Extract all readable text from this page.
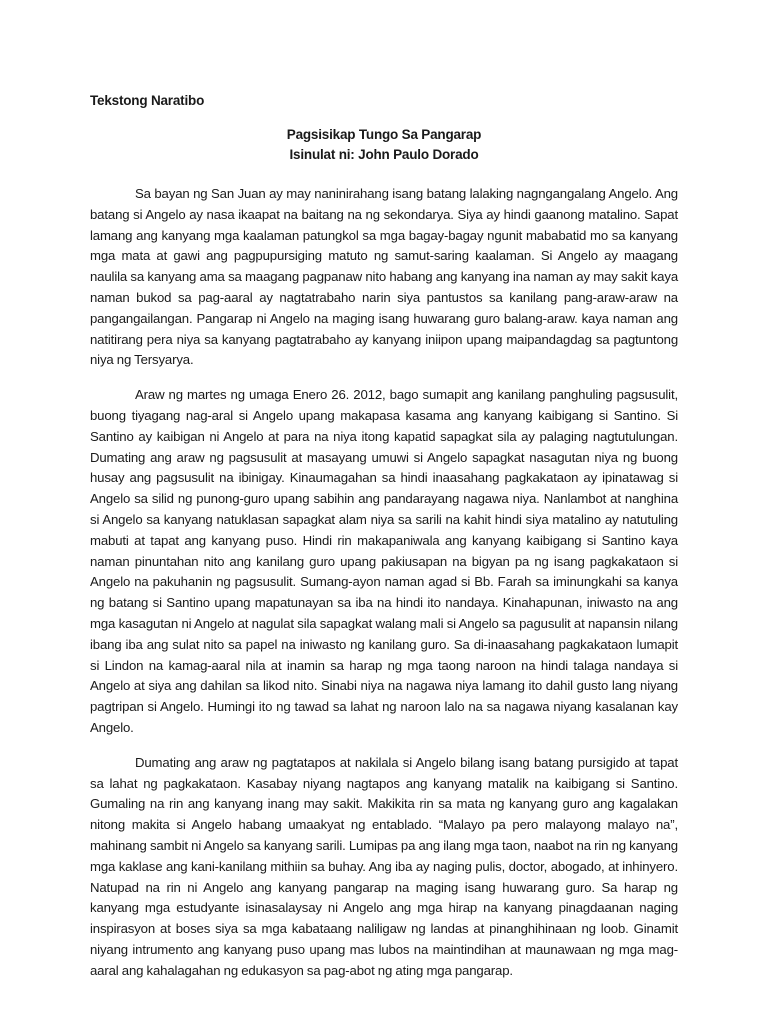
Tekstong Naratibo

Pagsisikap Tungo Sa Pangarap
Isinulat ni: John Paulo Dorado

Sa bayan ng San Juan ay may naninirahang isang batang lalaking nagngangalang Angelo. Ang batang si Angelo ay nasa ikaapat na baitang na ng sekondarya. Siya ay hindi gaanong matalino. Sapat lamang ang kanyang mga kaalaman patungkol sa mga bagay-bagay ngunit mababatid mo sa kanyang mga mata at gawi ang pagpupursiging matuto ng samut-saring kaalaman. Si Angelo ay maagang naulila sa kanyang ama sa maagang pagpanaw nito habang ang kanyang ina naman ay may sakit kaya naman bukod sa pag-aaral ay nagtatrabaho narin siya pantustos sa kanilang pang-araw-araw na pangangailangan. Pangarap ni Angelo na maging isang huwarang guro balang-araw. kaya naman ang natitirang pera niya sa kanyang pagtatrabaho ay kanyang iniipon upang maipandagdag sa pagtuntong niya ng Tersyarya.

Araw ng martes ng umaga Enero 26. 2012, bago sumapit ang kanilang panghuling pagsusulit, buong tiyagang nag-aral si Angelo upang makapasa kasama ang kanyang kaibigang si Santino. Si Santino ay kaibigan ni Angelo at para na niya itong kapatid sapagkat sila ay palaging nagtutulungan. Dumating ang araw ng pagsusulit at masayang umuwi si Angelo sapagkat nasagutan niya ng buong husay ang pagsusulit na ibinigay. Kinaumagahan sa hindi inaasahang pagkakataon ay ipinatawag si Angelo sa silid ng punong-guro upang sabihin ang pandarayang nagawa niya. Nanlambot at nanghina si Angelo sa kanyang natuklasan sapagkat alam niya sa sarili na kahit hindi siya matalino ay natutuling mabuti at tapat ang kanyang puso. Hindi rin makapaniwala ang kanyang kaibigang si Santino kaya naman pinuntahan nito ang kanilang guro upang pakiusapan na bigyan pa ng isang pagkakataon si Angelo na pakuhanin ng pagsusulit. Sumang-ayon naman agad si Bb. Farah sa iminungkahi sa kanya ng batang si Santino upang mapatunayan sa iba na hindi ito nandaya. Kinahapunan, iniwasto na ang mga kasagutan ni Angelo at nagulat sila sapagkat walang mali si Angelo sa pagusulit at napansin nilang ibang iba ang sulat nito sa papel na iniwasto ng kanilang guro. Sa di-inaasahang pagkakataon lumapit si Lindon na kamag-aaral nila at inamin sa harap ng mga taong naroon na hindi talaga nandaya si Angelo at siya ang dahilan sa likod nito. Sinabi niya na nagawa niya lamang ito dahil gusto lang niyang pagtripan si Angelo. Humingi ito ng tawad sa lahat ng naroon lalo na sa nagawa niyang kasalanan kay Angelo.

Dumating ang araw ng pagtatapos at nakilala si Angelo bilang isang batang pursigido at tapat sa lahat ng pagkakataon. Kasabay niyang nagtapos ang kanyang matalik na kaibigang si Santino. Gumaling na rin ang kanyang inang may sakit. Makikita rin sa mata ng kanyang guro ang kagalakan nitong makita si Angelo habang umaakyat ng entablado. “Malayo pa pero malayong malayo na”, mahinang sambit ni Angelo sa kanyang sarili. Lumipas pa ang ilang mga taon, naabot na rin ng kanyang mga kaklase ang kani-kanilang mithiin sa buhay. Ang iba ay naging pulis, doctor, abogado, at inhinyero. Natupad na rin ni Angelo ang kanyang pangarap na maging isang huwarang guro. Sa harap ng kanyang mga estudyante isinasalaysay ni Angelo ang mga hirap na kanyang pinagdaanan naging inspirasyon at boses siya sa mga kabataang naliligaw ng landas at pinanghihinaan ng loob. Ginamit niyang intrumento ang kanyang puso upang mas lubos na maintindihan at maunawaan ng mga mag-aaral ang kahalagahan ng edukasyon sa pag-abot ng ating mga pangarap.
